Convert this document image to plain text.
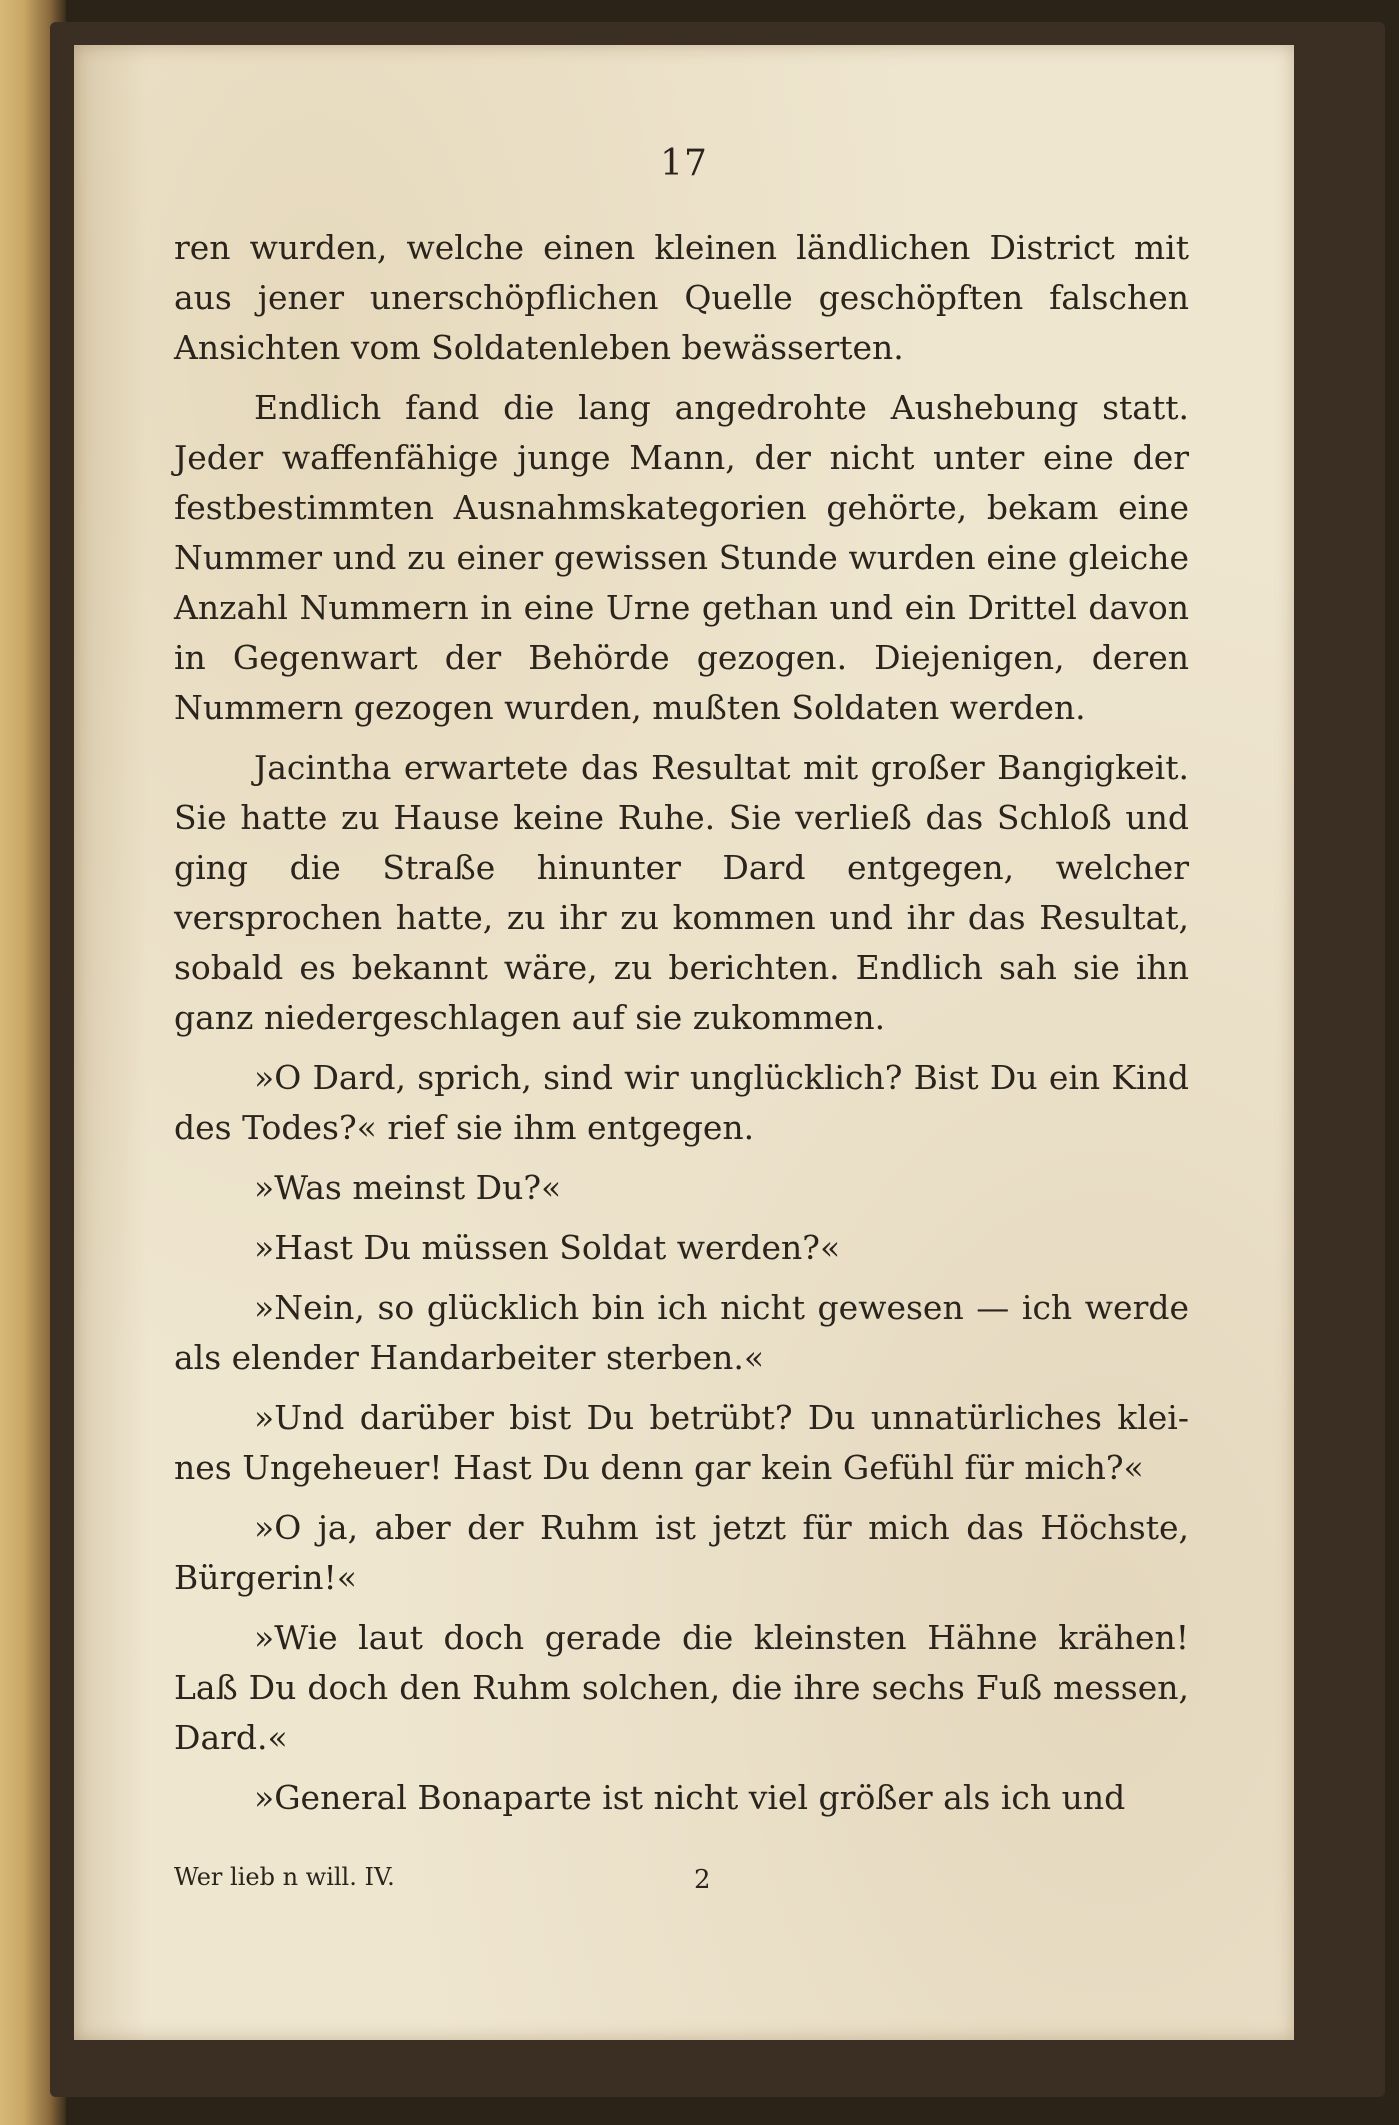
17

ren wurden, welche einen kleinen ländlichen District mit aus jener unerschöpflichen Quelle geschöpften falschen Ansichten vom Soldatenleben bewässerten.

Endlich fand die lang angedrohte Aushebung statt. Jeder waffenfähige junge Mann, der nicht unter eine der festbestimmten Ausnahmskategorien gehörte, bekam eine Nummer und zu einer gewissen Stunde wurden eine gleiche Anzahl Nummern in eine Urne gethan und ein Drittel davon in Gegenwart der Behörde gezogen. Diejenigen, deren Nummern gezogen wurden, mußten Soldaten werden.

Jacintha erwartete das Resultat mit großer Bangigkeit. Sie hatte zu Hause keine Ruhe. Sie verließ das Schloß und ging die Straße hinunter Dard entgegen, welcher versprochen hatte, zu ihr zu kommen und ihr das Resultat, sobald es bekannt wäre, zu berichten. Endlich sah sie ihn ganz niedergeschlagen auf sie zukommen.

»O Dard, sprich, sind wir unglücklich? Bist Du ein Kind des Todes?« rief sie ihm entgegen.

»Was meinst Du?«

»Hast Du müssen Soldat werden?«

»Nein, so glücklich bin ich nicht gewesen — ich werde als elender Handarbeiter sterben.«

»Und darüber bist Du betrübt? Du unnatürliches kleines Ungeheuer! Hast Du denn gar kein Gefühl für mich?«

»O ja, aber der Ruhm ist jetzt für mich das Höchste, Bürgerin!«

»Wie laut doch gerade die kleinsten Hähne krähen! Laß Du doch den Ruhm solchen, die ihre sechs Fuß messen, Dard.«

»General Bonaparte ist nicht viel größer als ich und

Wer lieb n will. IV.	2
